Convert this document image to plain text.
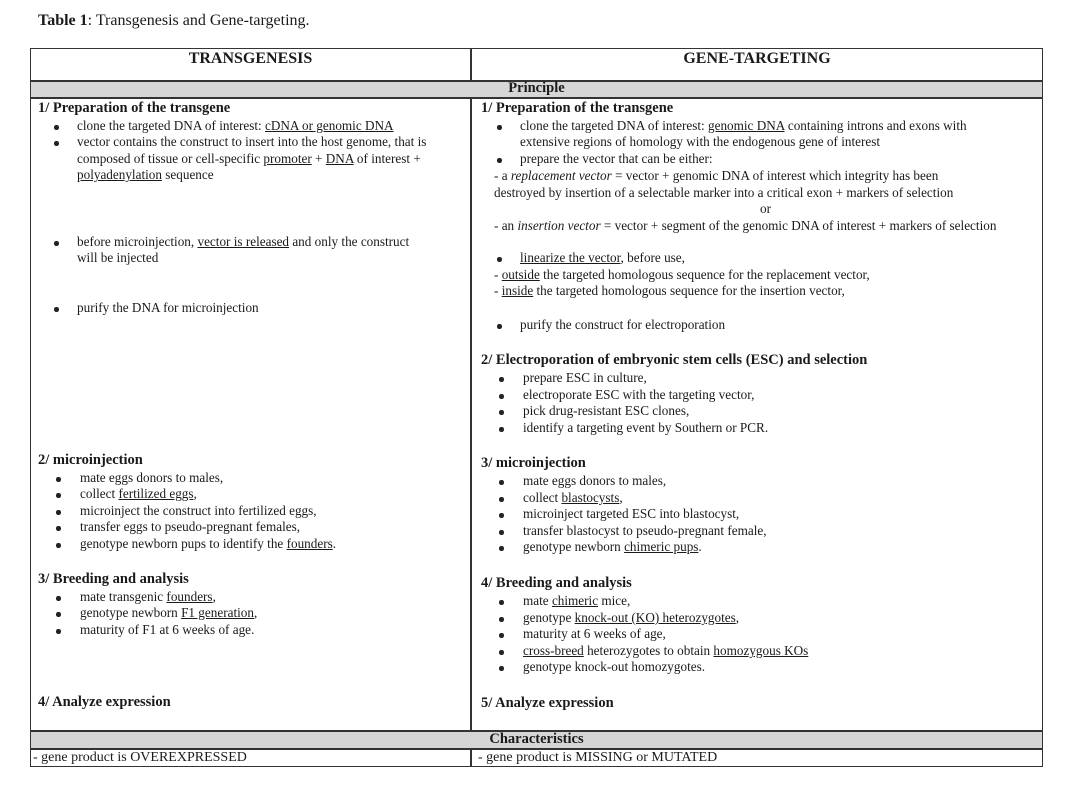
Table 1: Transgenesis and Gene-targeting.
TRANSGENESIS	GENE-TARGETING
Principle
Characteristics
1/ Preparation of the transgene
clone the targeted DNA of interest: cDNA or genomic DNA
vector contains the construct to insert into the host genome, that is
composed of tissue or cell-specific promoter + DNA of interest +
polyadenylation sequence
before microinjection, vector is released and only the construct
will be injected
purify the DNA for microinjection
2/ microinjection
mate eggs donors to males,
collect fertilized eggs,
microinject the construct into fertilized eggs,
transfer eggs to pseudo-pregnant females,
genotype newborn pups to identify the founders.
3/ Breeding and analysis
mate transgenic founders,
genotype newborn F1 generation,
maturity of F1 at 6 weeks of age.
4/ Analyze expression
- gene product is OVEREXPRESSED
1/ Preparation of the transgene
clone the targeted DNA of interest: genomic DNA containing introns and exons with
extensive regions of homology with the endogenous gene of interest
prepare the vector that can be either:
- a replacement vector = vector + genomic DNA of interest which integrity has been
destroyed by insertion of a selectable marker into a critical exon + markers of selection
or
- an insertion vector = vector + segment of the genomic DNA of interest + markers of selection
linearize the vector, before use,
- outside the targeted homologous sequence for the replacement vector,
- inside the targeted homologous sequence for the insertion vector,
purify the construct for electroporation
2/ Electroporation of embryonic stem cells (ESC) and selection
prepare ESC in culture,
electroporate ESC with the targeting vector,
pick drug-resistant ESC clones,
identify a targeting event by Southern or PCR.
3/ microinjection
mate eggs donors to males,
collect blastocysts,
microinject targeted ESC into blastocyst,
transfer blastocyst to pseudo-pregnant female,
genotype newborn chimeric pups.
4/ Breeding and analysis
mate chimeric mice,
genotype knock-out (KO) heterozygotes,
maturity at 6 weeks of age,
cross-breed heterozygotes to obtain homozygous KOs
genotype knock-out homozygotes.
5/ Analyze expression
- gene product is MISSING or MUTATED
